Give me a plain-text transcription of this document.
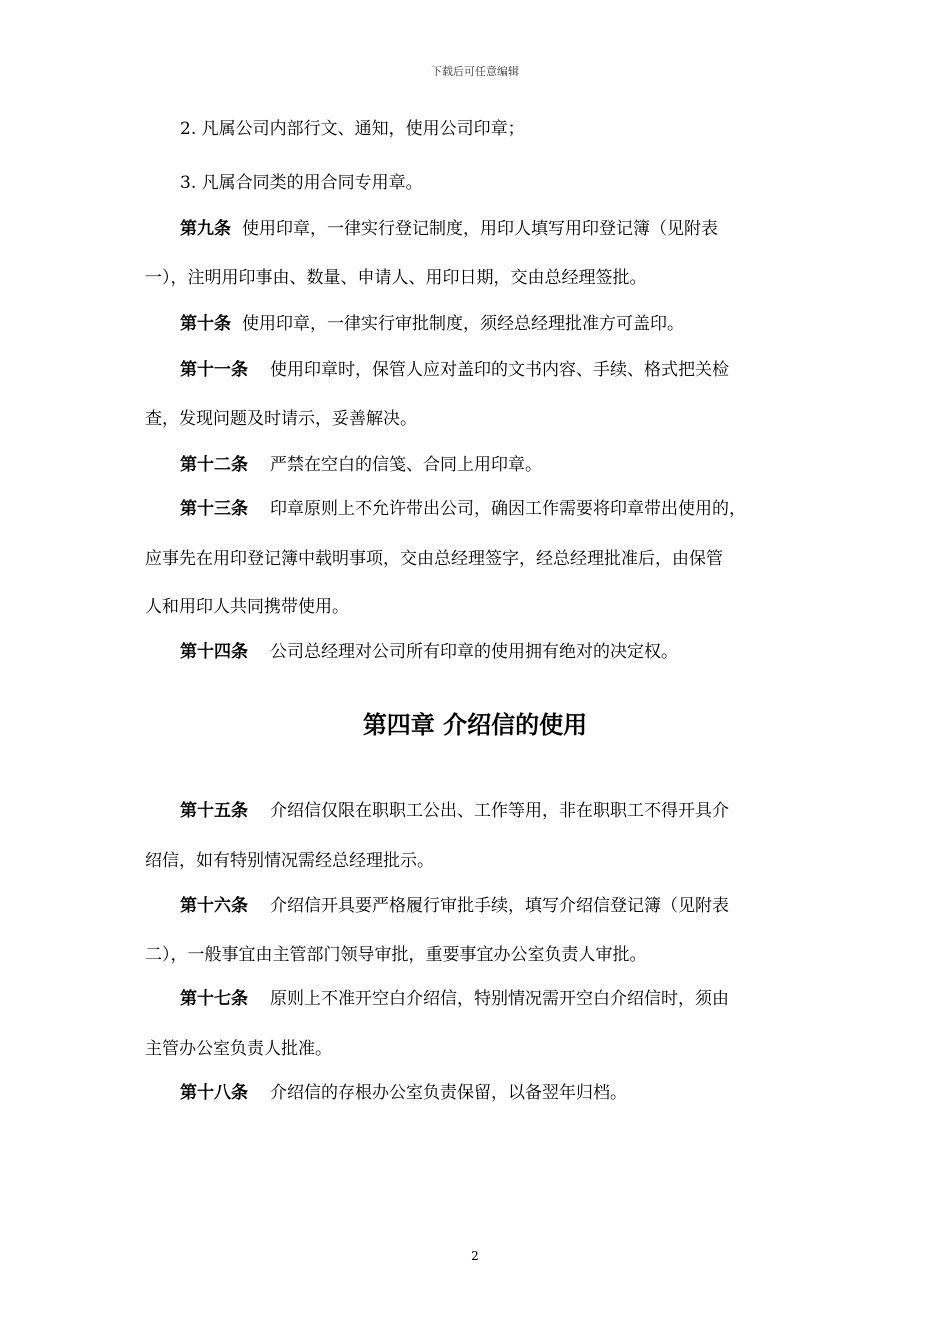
下载后可任意编辑

2. 凡属公司内部行文、通知，使用公司印章；

3. 凡属合同类的用合同专用章。

第九条 使用印章，一律实行登记制度，用印人填写用印登记簿（见附表

一），注明用印事由、数量、申请人、用印日期，交由总经理签批。

第十条 使用印章，一律实行审批制度，须经总经理批准方可盖印。

第十一条 使用印章时，保管人应对盖印的文书内容、手续、格式把关检

查，发现问题及时请示，妥善解决。

第十二条 严禁在空白的信笺、合同上用印章。

第十三条 印章原则上不允许带出公司，确因工作需要将印章带出使用的，

应事先在用印登记簿中载明事项，交由总经理签字，经总经理批准后，由保管

人和用印人共同携带使用。

第十四条 公司总经理对公司所有印章的使用拥有绝对的决定权。

第四章 介绍信的使用

第十五条 介绍信仅限在职职工公出、工作等用，非在职职工不得开具介

绍信，如有特别情况需经总经理批示。

第十六条 介绍信开具要严格履行审批手续，填写介绍信登记簿（见附表

二），一般事宜由主管部门领导审批，重要事宜办公室负责人审批。

第十七条 原则上不准开空白介绍信，特别情况需开空白介绍信时，须由

主管办公室负责人批准。

第十八条 介绍信的存根办公室负责保留，以备翌年归档。

2
